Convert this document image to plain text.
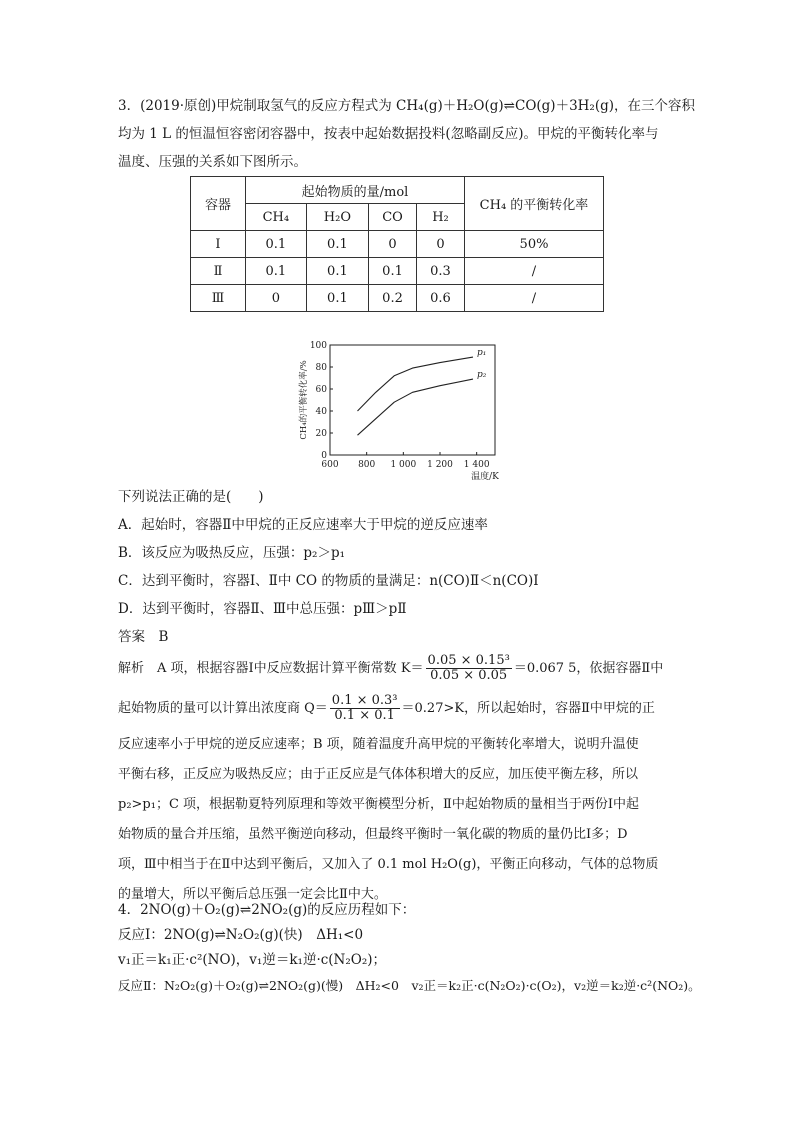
3．(2019·原创)甲烷制取氢气的反应方程式为 CH₄(g)＋H₂O(g)⇌CO(g)＋3H₂(g)，在三个容积
均为 1 L 的恒温恒容密闭容器中，按表中起始数据投料(忽略副反应)。甲烷的平衡转化率与
温度、压强的关系如下图所示。
容器	起始物质的量/mol				CH₄ 的平衡转化率
	CH₄	H₂O	CO	H₂	
Ⅰ	0.1	0.1	0	0	50%
Ⅱ	0.1	0.1	0.1	0.3	/
Ⅲ	0	0.1	0.2	0.6	/
600 800 1 000 1 200 1 400
0
20
40
60
80
100
p₁
p₂
温度/K
CH₄的平衡转化率/%
下列说法正确的是(　　)
A．起始时，容器Ⅱ中甲烷的正反应速率大于甲烷的逆反应速率
B．该反应为吸热反应，压强：p₂＞p₁
C．达到平衡时，容器Ⅰ、Ⅱ中 CO 的物质的量满足：n(CO)Ⅱ＜n(CO)Ⅰ
D．达到平衡时，容器Ⅱ、Ⅲ中总压强：pⅢ＞pⅡ
答案　 B
解析　 A 项，根据容器Ⅰ中反应数据计算平衡常数 $K= \frac{\text{0.05 × 0.15³}}{0.05 \times 0.05} =0.067$ 5，依据容器Ⅱ中
起始物质的量可以计算出浓度商 $Q= \frac{\text{0.1 × 0.3³}}{0.1 \times 0.1} =0.27>K$，所以起始时，容器Ⅱ中甲烷的正
反应速率小于甲烷的逆反应速率；B 项，随着温度升高甲烷的平衡转化率增大，说明升温使
平衡右移，正反应为吸热反应；由于正反应是气体体积增大的反应，加压使平衡左移，所以
p₂>p₁；C 项，根据勒夏特列原理和等效平衡模型分析，Ⅱ中起始物质的量相当于两份Ⅰ中起
始物质的量合并压缩，虽然平衡逆向移动，但最终平衡时一氧化碳的物质的量仍比Ⅰ多；D
项，Ⅲ中相当于在Ⅱ中达到平衡后，又加入了 0.1 mol H₂O(g)，平衡正向移动，气体的总物质
的量增大，所以平衡后总压强一定会比Ⅱ中大。
4．2NO(g)＋O₂(g)⇌2NO₂(g)的反应历程如下：
反应Ⅰ：2NO(g)⇌N₂O₂(g)(快)　ΔH₁<0
v₁正＝k₁正·c²(NO)，v₁逆＝k₁逆·c(N₂O₂)；
反应Ⅱ：N₂O₂(g)＋O₂(g)⇌2NO₂(g)(慢)　ΔH₂<0　v₂正＝k₂正·c(N₂O₂)·c(O₂)，v₂逆＝k₂逆·c²(NO₂)。
